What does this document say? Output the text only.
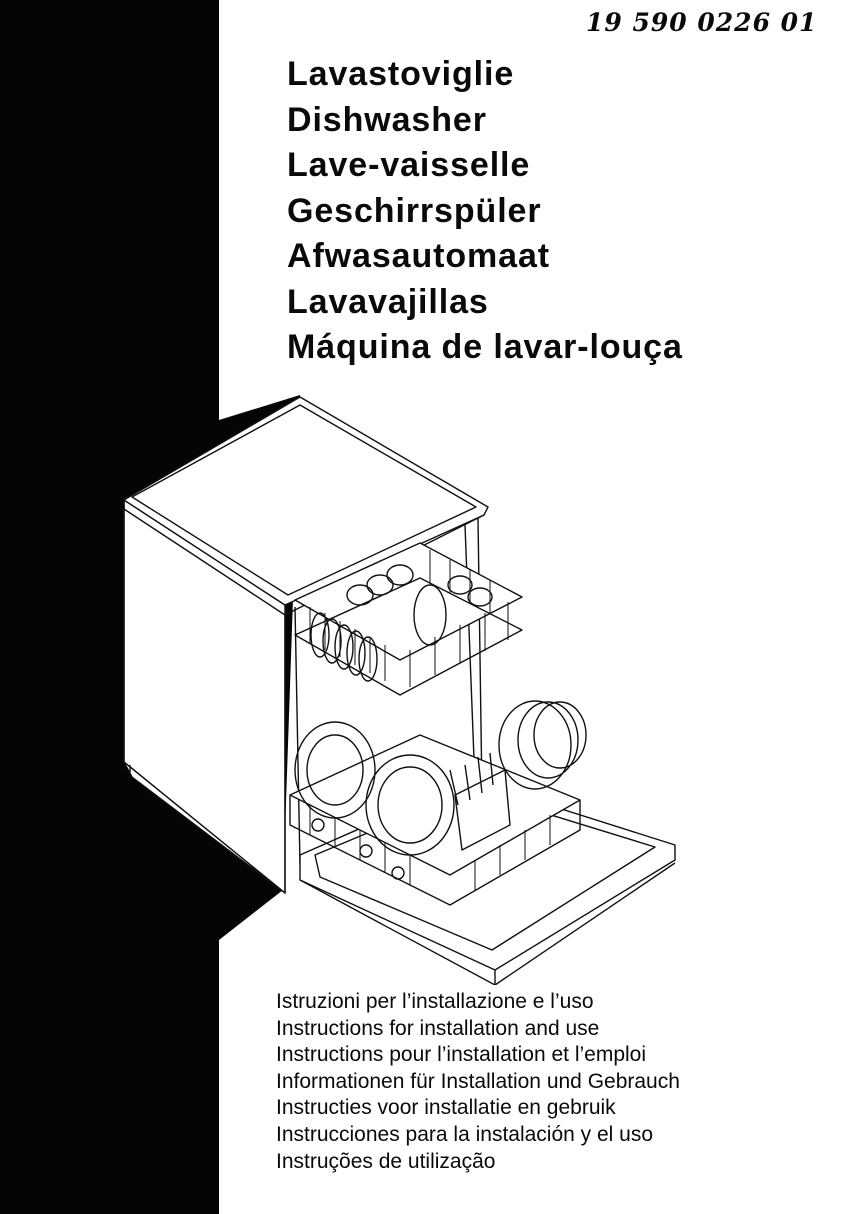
19 590 0226 01
Lavastoviglie
Dishwasher
Lave-vaisselle
Geschirrspüler
Afwasautomaat
Lavavajillas
Máquina de lavar-louça
Istruzioni per l’installazione e l’uso
Instructions for installation and use
Instructions pour l’installation et l’emploi
Informationen für Installation und Gebrauch
Instructies voor installatie en gebruik
Instrucciones para la instalación y el uso
Instruções de utilização
